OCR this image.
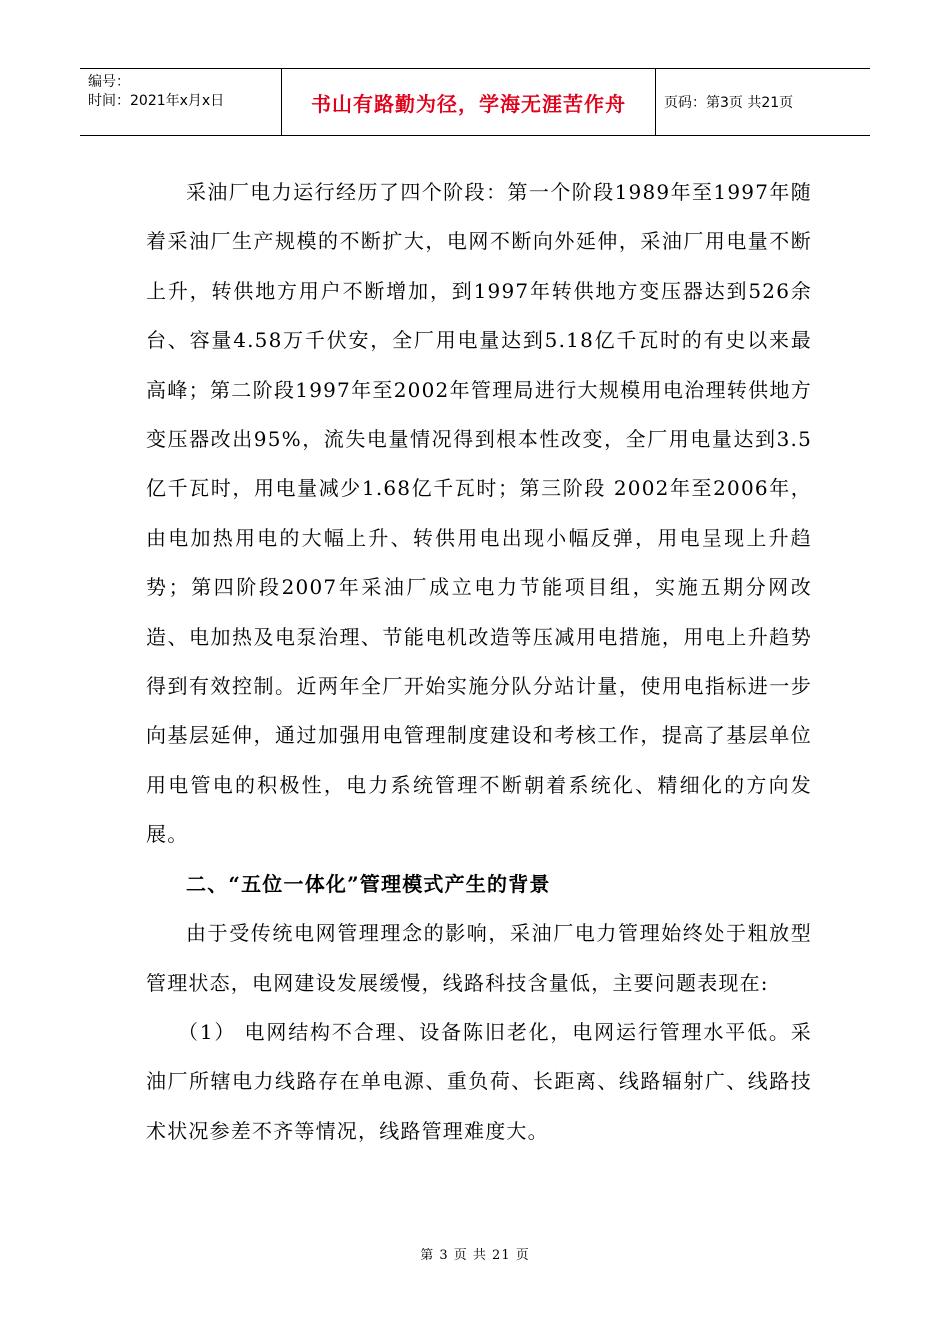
编号：
时间：2021年x月x日	书山有路勤为径，学海无涯苦作舟	页码：第3页 共21页

采油厂电力运行经历了四个阶段：第一个阶段1989年至1997年随着采油厂生产规模的不断扩大，电网不断向外延伸，采油厂用电量不断上升，转供地方用户不断增加，到1997年转供地方变压器达到526余台、容量4.58万千伏安，全厂用电量达到5.18亿千瓦时的有史以来最高峰；第二阶段1997年至2002年管理局进行大规模用电治理转供地方变压器改出95%，流失电量情况得到根本性改变，全厂用电量达到3.5亿千瓦时，用电量减少1.68亿千瓦时；第三阶段 2002年至2006年，由电加热用电的大幅上升、转供用电出现小幅反弹，用电呈现上升趋势；第四阶段2007年采油厂成立电力节能项目组，实施五期分网改造、电加热及电泵治理、节能电机改造等压减用电措施，用电上升趋势得到有效控制。近两年全厂开始实施分队分站计量，使用电指标进一步向基层延伸，通过加强用电管理制度建设和考核工作，提高了基层单位用电管电的积极性，电力系统管理不断朝着系统化、精细化的方向发展。

二、“五位一体化”管理模式产生的背景

由于受传统电网管理理念的影响，采油厂电力管理始终处于粗放型管理状态，电网建设发展缓慢，线路科技含量低，主要问题表现在:

（1） 电网结构不合理、设备陈旧老化，电网运行管理水平低。采油厂所辖电力线路存在单电源、重负荷、长距离、线路辐射广、线路技术状况参差不齐等情况，线路管理难度大。

第 3 页 共 21 页
